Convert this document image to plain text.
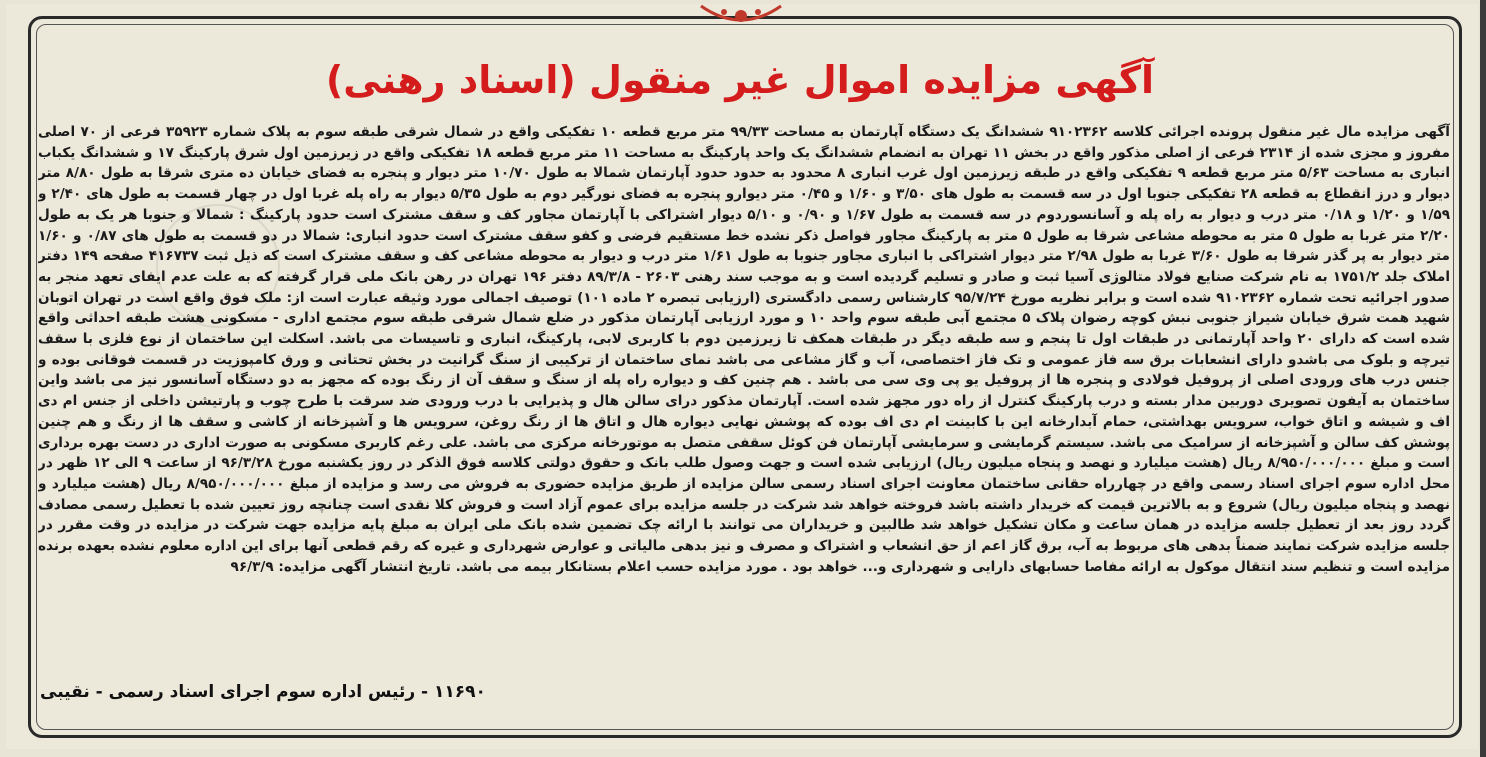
آگهی مزایده اموال غیر منقول (اسناد رهنی)
آگهی مزایده مال غیر منقول پرونده اجرائی کلاسه ۹۱۰۲۳۶۲ ششدانگ یک دستگاه آپارتمان به مساحت ۹۹/۳۳ متر مربع قطعه ۱۰ تفکیکی واقع در شمال شرقی طبقه سوم به پلاک شماره ۳۵۹۲۳ فرعی از ۷۰ اصلی مفروز و مجزی شده از ۲۳۱۴ فرعی از اصلی مذکور واقع در بخش ۱۱ تهران به انضمام ششدانگ یک واحد پارکینگ به مساحت ۱۱ متر مربع قطعه ۱۸ تفکیکی واقع در زیرزمین اول شرق پارکینگ ۱۷ و ششدانگ یکباب انباری به مساحت ۵/۶۳ متر مربع قطعه ۹ تفکیکی واقع در طبقه زیرزمین اول غرب انباری ۸ محدود به حدود حدود آپارتمان شمالا به طول ۱۰/۷۰ متر دیوار و پنجره به فضای خیابان ده متری شرقا به طول ۸/۸۰ متر دیوار و درز انقطاع به قطعه ۲۸ تفکیکی جنوبا اول در سه قسمت به طول های ۳/۵۰ و ۱/۶۰ و ۰/۴۵ متر دیوارو پنجره به فضای نورگیر دوم به طول ۵/۳۵ دیوار به راه پله غربا اول در چهار قسمت به طول های ۲/۴۰ و ۱/۵۹ و ۱/۲۰ و ۰/۱۸ متر درب و دیوار به راه پله و آسانسوردوم در سه قسمت به طول ۱/۶۷ و ۰/۹۰ و ۵/۱۰ دیوار اشتراکی با آپارتمان مجاور کف و سقف مشترک است حدود پارکینگ : شمالا و جنوبا هر یک به طول ۲/۲۰ متر غربا به طول ۵ متر به محوطه مشاعی شرقا به طول ۵ متر به پارکینگ مجاور فواصل ذکر نشده خط مستقیم فرضی و کفو سقف مشترک است حدود انباری: شمالا در دو قسمت به طول های ۰/۸۷ و ۱/۶۰ متر دیوار به پر گذر شرقا به طول ۳/۶۰ غربا به طول ۲/۹۸ متر دیوار اشتراکی با انباری مجاور جنوبا به طول ۱/۶۱ متر درب و دیوار به محوطه مشاعی کف و سقف مشترک است که ذیل ثبت ۴۱۶۷۳۷ صفحه ۱۴۹ دفتر املاک جلد ۱۷۵۱/۲ به نام شرکت صنایع فولاد متالوژی آسیا ثبت و صادر و تسلیم گردیده است و به موجب سند رهنی ۲۶۰۳ - ۸۹/۳/۸ دفتر ۱۹۶ تهران در رهن بانک ملی قرار گرفته که به علت عدم ایفای تعهد منجر به صدور اجرائیه تحت شماره ۹۱۰۲۳۶۲ شده است و برابر نظریه مورخ ۹۵/۷/۲۴ کارشناس رسمی دادگستری (ارزیابی تبصره ۲ ماده ۱۰۱) توصیف اجمالی مورد وثیقه عبارت است از: ملک فوق واقع است در تهران اتوبان شهید همت شرق خیابان شیراز جنوبی نبش کوچه رضوان پلاک ۵ مجتمع آبی طبقه سوم واحد ۱۰ و مورد ارزیابی آپارتمان مذکور در ضلع شمال شرقی طبقه سوم مجتمع اداری - مسکونی هشت طبقه احداثی واقع شده است که دارای ۲۰ واحد آپارتمانی در طبقات اول تا پنجم و سه طبقه دیگر در طبقات همکف تا زیرزمین دوم با کاربری لابی، پارکینگ، انباری و تاسیسات می باشد. اسکلت این ساختمان از نوع فلزی با سقف تیرچه و بلوک می باشدو دارای انشعابات برق سه فاز عمومی و تک فاز اختصاصی، آب و گاز مشاعی می باشد نمای ساختمان از ترکیبی از سنگ گرانیت در بخش تحتانی و ورق کامپوزیت در قسمت فوقانی بوده و جنس درب های ورودی اصلی از پروفیل فولادی و پنجره ها از پروفیل یو پی وی سی می باشد . هم چنین کف و دیواره راه پله از سنگ و سقف آن از رنگ بوده که مجهز به دو دستگاه آسانسور نیز می باشد واین ساختمان به آیفون تصویری دوربین مدار بسته و درب پارکینگ کنترل از راه دور مجهز شده است. آپارتمان مذکور درای سالن هال و پذیرایی با درب ورودی ضد سرقت با طرح چوب و پارتیشن داخلی از جنس ام دی اف و شیشه و اتاق خواب، سرویس بهداشتی، حمام آبدارخانه این با کابینت ام دی اف بوده که پوشش نهایی دیواره هال و اتاق ها از رنگ روغن، سرویس ها و آشپزخانه از کاشی و سقف ها از رنگ و هم چنین پوشش کف سالن و آشپزخانه از سرامیک می باشد. سیستم گرمایشی و سرمایشی آپارتمان فن کوئل سقفی متصل به موتورخانه مرکزی می باشد. علی رغم کاربری مسکونی به صورت اداری در دست بهره برداری است و مبلغ ۸/۹۵۰/۰۰۰/۰۰۰ ریال (هشت میلیارد و نهصد و پنجاه میلیون ریال) ارزیابی شده است و جهت وصول طلب بانک و حقوق دولتی کلاسه فوق الذکر در روز یکشنبه مورخ ۹۶/۳/۲۸ از ساعت ۹ الی ۱۲ ظهر در محل اداره سوم اجرای اسناد رسمی واقع در چهارراه حقانی ساختمان معاونت اجرای اسناد رسمی سالن مزایده از طریق مزایده حضوری به فروش می رسد و مزایده از مبلغ ۸/۹۵۰/۰۰۰/۰۰۰ ریال (هشت میلیارد و نهصد و پنجاه میلیون ریال) شروع و به بالاترین قیمت که خریدار داشته باشد فروخته خواهد شد شرکت در جلسه مزایده برای عموم آزاد است و فروش کلا نقدی است چنانچه روز تعیین شده با تعطیل رسمی مصادف گردد روز بعد از تعطیل جلسه مزایده در همان ساعت و مکان تشکیل خواهد شد طالبین و خریداران می توانند با ارائه چک تضمین شده بانک ملی ایران به مبلغ پایه مزایده جهت شرکت در مزایده در وقت مقرر در جلسه مزایده شرکت نمایند ضمناً بدهی های مربوط به آب، برق گاز اعم از حق انشعاب و اشتراک و مصرف و نیز بدهی مالیاتی و عوارض شهرداری و غیره که رقم قطعی آنها برای این اداره معلوم نشده بعهده برنده مزایده است و تنظیم سند انتقال موکول به ارائه مفاصا حسابهای دارایی و شهرداری و... خواهد بود . مورد مزایده حسب اعلام بستانکار بیمه می باشد. تاریخ انتشار آگهی مزایده: ۹۶/۳/۹
۱۱۶۹۰ - رئیس اداره سوم اجرای اسناد رسمی - نقیبی
